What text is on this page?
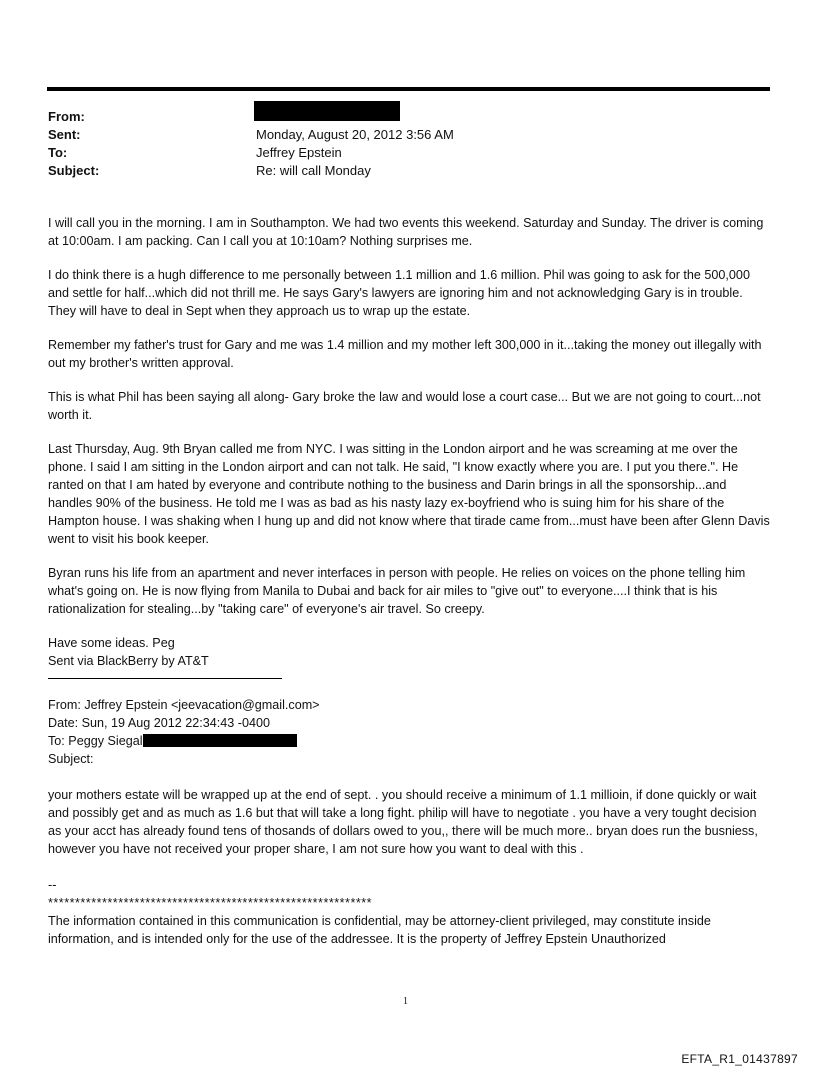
From:
Sent:	Monday, August 20, 2012 3:56 AM
To:	Jeffrey Epstein
Subject:	Re: will call Monday

I will call you in the morning. I am in Southampton. We had two events this weekend. Saturday and Sunday. The driver is coming at 10:00am. I am packing. Can I call you at 10:10am? Nothing surprises me.

I do think there is a hugh difference to me personally between 1.1 million and 1.6 million. Phil was going to ask for the 500,000 and settle for half...which did not thrill me. He says Gary's lawyers are ignoring him and not acknowledging Gary is in trouble. They will have to deal in Sept when they approach us to wrap up the estate.

Remember my father's trust for Gary and me was 1.4 million and my mother left 300,000 in it...taking the money out illegally with out my brother's written approval.

This is what Phil has been saying all along- Gary broke the law and would lose a court case... But we are not going to court...not worth it.

Last Thursday, Aug. 9th Bryan called me from NYC. I was sitting in the London airport and he was screaming at me over the phone. I said I am sitting in the London airport and can not talk. He said, "I know exactly where you are. I put you there.". He ranted on that I am hated by everyone and contribute nothing to the business and Darin brings in all the sponsorship...and handles 90% of the business. He told me I was as bad as his nasty lazy ex-boyfriend who is suing him for his share of the Hampton house. I was shaking when I hung up and did not know where that tirade came from...must have been after Glenn Davis went to visit his book keeper.

Byran runs his life from an apartment and never interfaces in person with people. He relies on voices on the phone telling him what's going on. He is now flying from Manila to Dubai and back for air miles to "give out" to everyone....I think that is his rationalization for stealing...by "taking care" of everyone's air travel. So creepy.

Have some ideas. Peg

Sent via BlackBerry by AT&T

From: Jeffrey Epstein <jeevacation@gmail.com>
Date: Sun, 19 Aug 2012 22:34:43 -0400
To: Peggy Siegal
Subject:

your mothers estate will be wrapped up at the end of sept. . you should receive a minimum of 1.1 millioin, if done quickly or wait and possibly get and as much as 1.6 but that will take a long fight. philip will have to negotiate . you have a very tought decision as your acct has already found tens of thosands of dollars owed to you,, there will be much more.. bryan does run the busniess, however you have not received your proper share, I am not sure how you want to deal with this .

--

************************************************************

The information contained in this communication is confidential, may be attorney-client privileged, may constitute inside information, and is intended only for the use of the addressee. It is the property of Jeffrey Epstein Unauthorized

1
EFTA_R1_01437897
